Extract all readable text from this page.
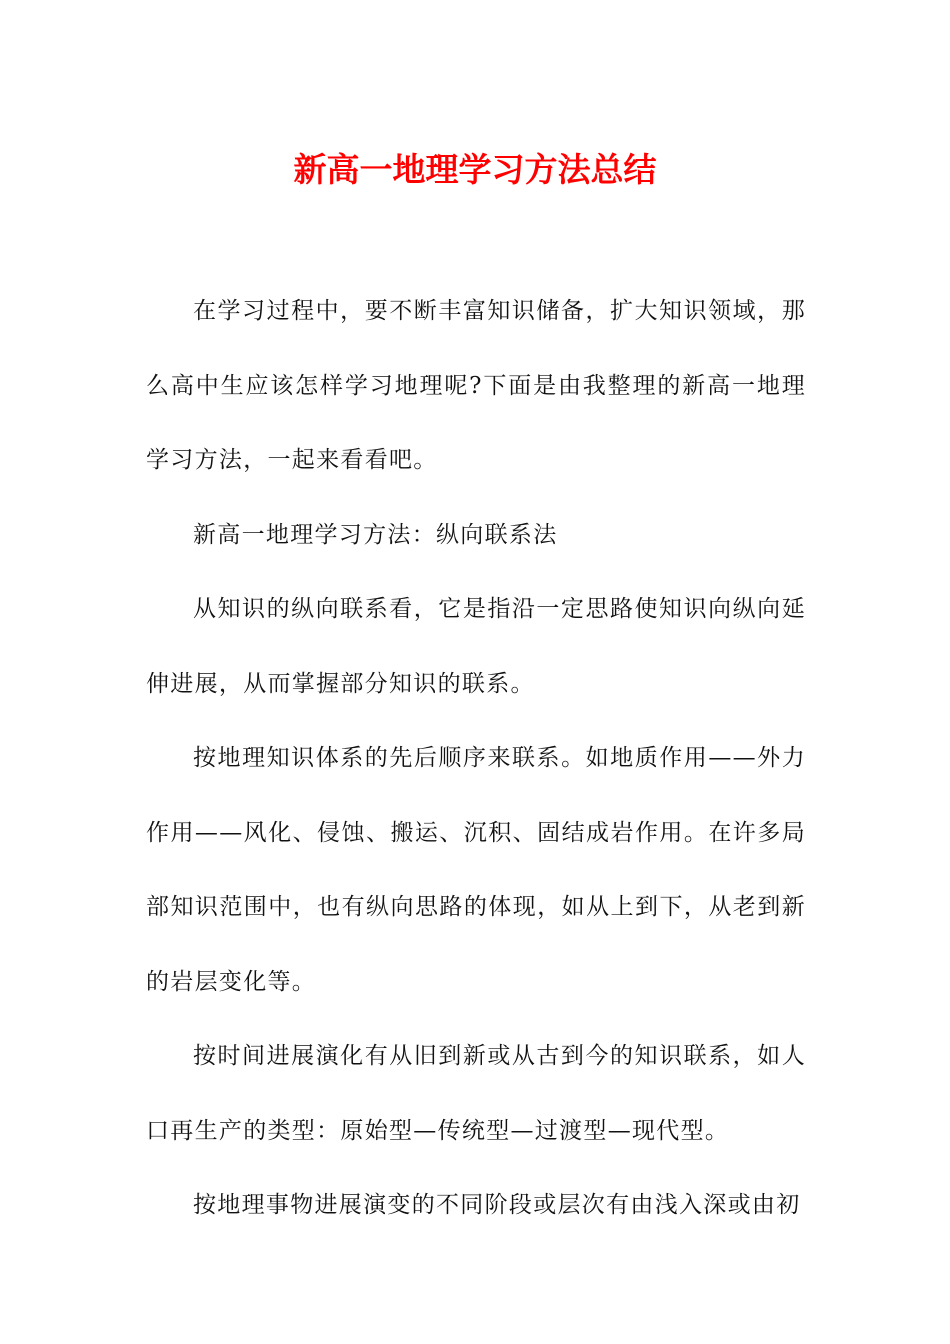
新高一地理学习方法总结

在学习过程中，要不断丰富知识储备，扩大知识领域，那么高中生应该怎样学习地理呢?下面是由我整理的新高一地理学习方法，一起来看看吧。

新高一地理学习方法：纵向联系法

从知识的纵向联系看，它是指沿一定思路使知识向纵向延伸进展，从而掌握部分知识的联系。

按地理知识体系的先后顺序来联系。如地质作用——外力作用——风化、侵蚀、搬运、沉积、固结成岩作用。在许多局部知识范围中，也有纵向思路的体现，如从上到下，从老到新的岩层变化等。

按时间进展演化有从旧到新或从古到今的知识联系，如人口再生产的类型：原始型—传统型—过渡型—现代型。

按地理事物进展演变的不同阶段或层次有由浅入深或由初
